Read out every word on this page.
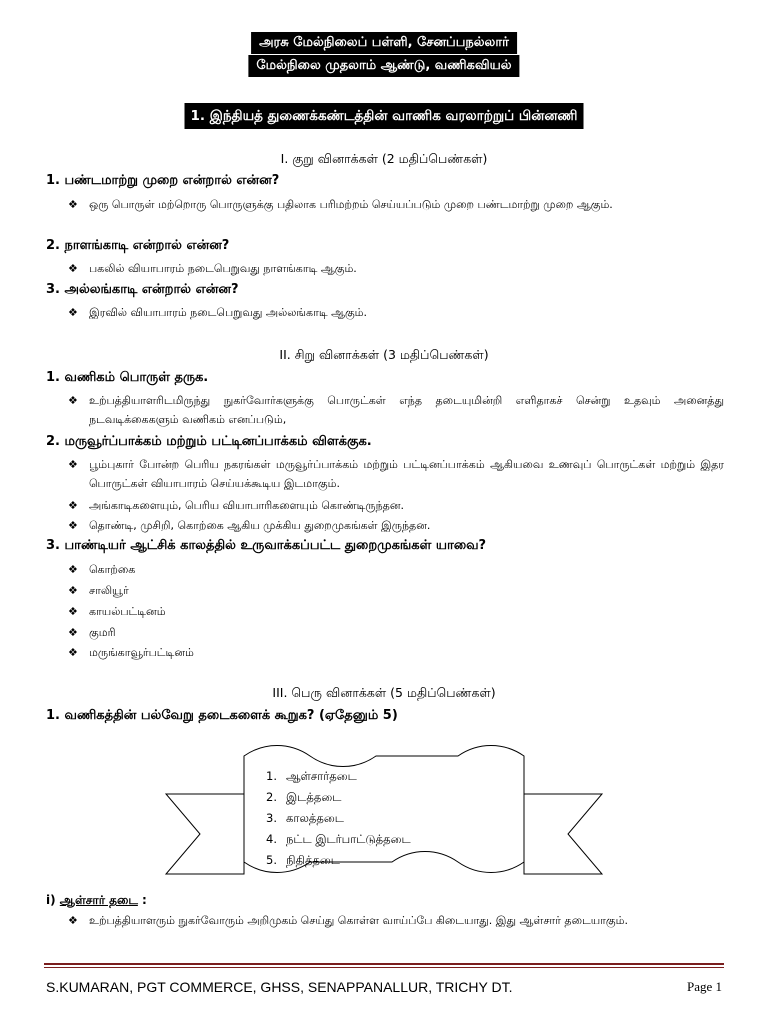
அரசு மேல்நிலைப் பள்ளி, சேனப்பநல்லார்
மேல்நிலை முதலாம் ஆண்டு, வணிகவியல்
1. இந்தியத் துணைக்கண்டத்தின் வாணிக வரலாற்றுப் பின்னணி
I. குறு வினாக்கள் (2 மதிப்பெண்கள்)
1. பண்டமாற்று முறை என்றால் என்ன?
❖ ஒரு பொருள் மற்றொரு பொருளுக்கு பதிலாக பரிமற்றம் செய்யப்படும் முறை பண்டமாற்று முறை ஆகும்.
2. நாளங்காடி என்றால் என்ன?
❖ பகலில் வியாபாரம் நடைபெறுவது நாளங்காடி ஆகும்.
3. அல்லங்காடி என்றால் என்ன?
❖ இரவில் வியாபாரம் நடைபெறுவது அல்லங்காடி ஆகும்.
II. சிறு வினாக்கள் (3 மதிப்பெண்கள்)
1. வணிகம் பொருள் தருக.
❖ உற்பத்தியாளரிடமிருந்து நுகர்வோர்களுக்கு பொருட்கள் எந்த தடையுமின்றி எளிதாகச் சென்று உதவும் அனைத்து நடவடிக்கைகளும் வணிகம் எனப்படும்,
2. மருவூர்ப்பாக்கம் மற்றும் பட்டினப்பாக்கம் விளக்குக.
❖ பூம்புகார் போன்ற பெரிய நகரங்கள் மருவூர்ப்பாக்கம் மற்றும் பட்டினப்பாக்கம் ஆகியவை உணவுப் பொருட்கள் மற்றும் இதர பொருட்கள் வியாபாரம் செய்யக்கூடிய இடமாகும்.
❖ அங்காடிகளையும், பெரிய வியாபாரிகளையும் கொண்டிருந்தன.
❖ தொண்டி, முசிறி, கொற்கை ஆகிய முக்கிய துறைமுகங்கள் இருந்தன.
3. பாண்டியர் ஆட்சிக் காலத்தில் உருவாக்கப்பட்ட துறைமுகங்கள் யாவை?
❖ கொற்கை
❖ சாலியூர்
❖ காயல்பட்டினம்
❖ குமரி
❖ மருங்காவூர்பட்டினம்
III. பெரு வினாக்கள் (5 மதிப்பெண்கள்)
1. வணிகத்தின் பல்வேறு தடைகளைக் கூறுக? (ஏதேனும் 5)
1. ஆள்சார்தடை
2. இடத்தடை
3. காலத்தடை
4. நட்ட இடர்பாட்டுத்தடை
5. நிதித்தடை
i) ஆள்சார் தடை :
❖ உற்பத்தியாளரும் நுகர்வோரும் அறிமுகம் செய்து கொள்ள வாய்ப்பே கிடையாது. இது ஆள்சார் தடையாகும்.
S.KUMARAN, PGT COMMERCE, GHSS, SENAPPANALLUR, TRICHY DT.	Page 1
